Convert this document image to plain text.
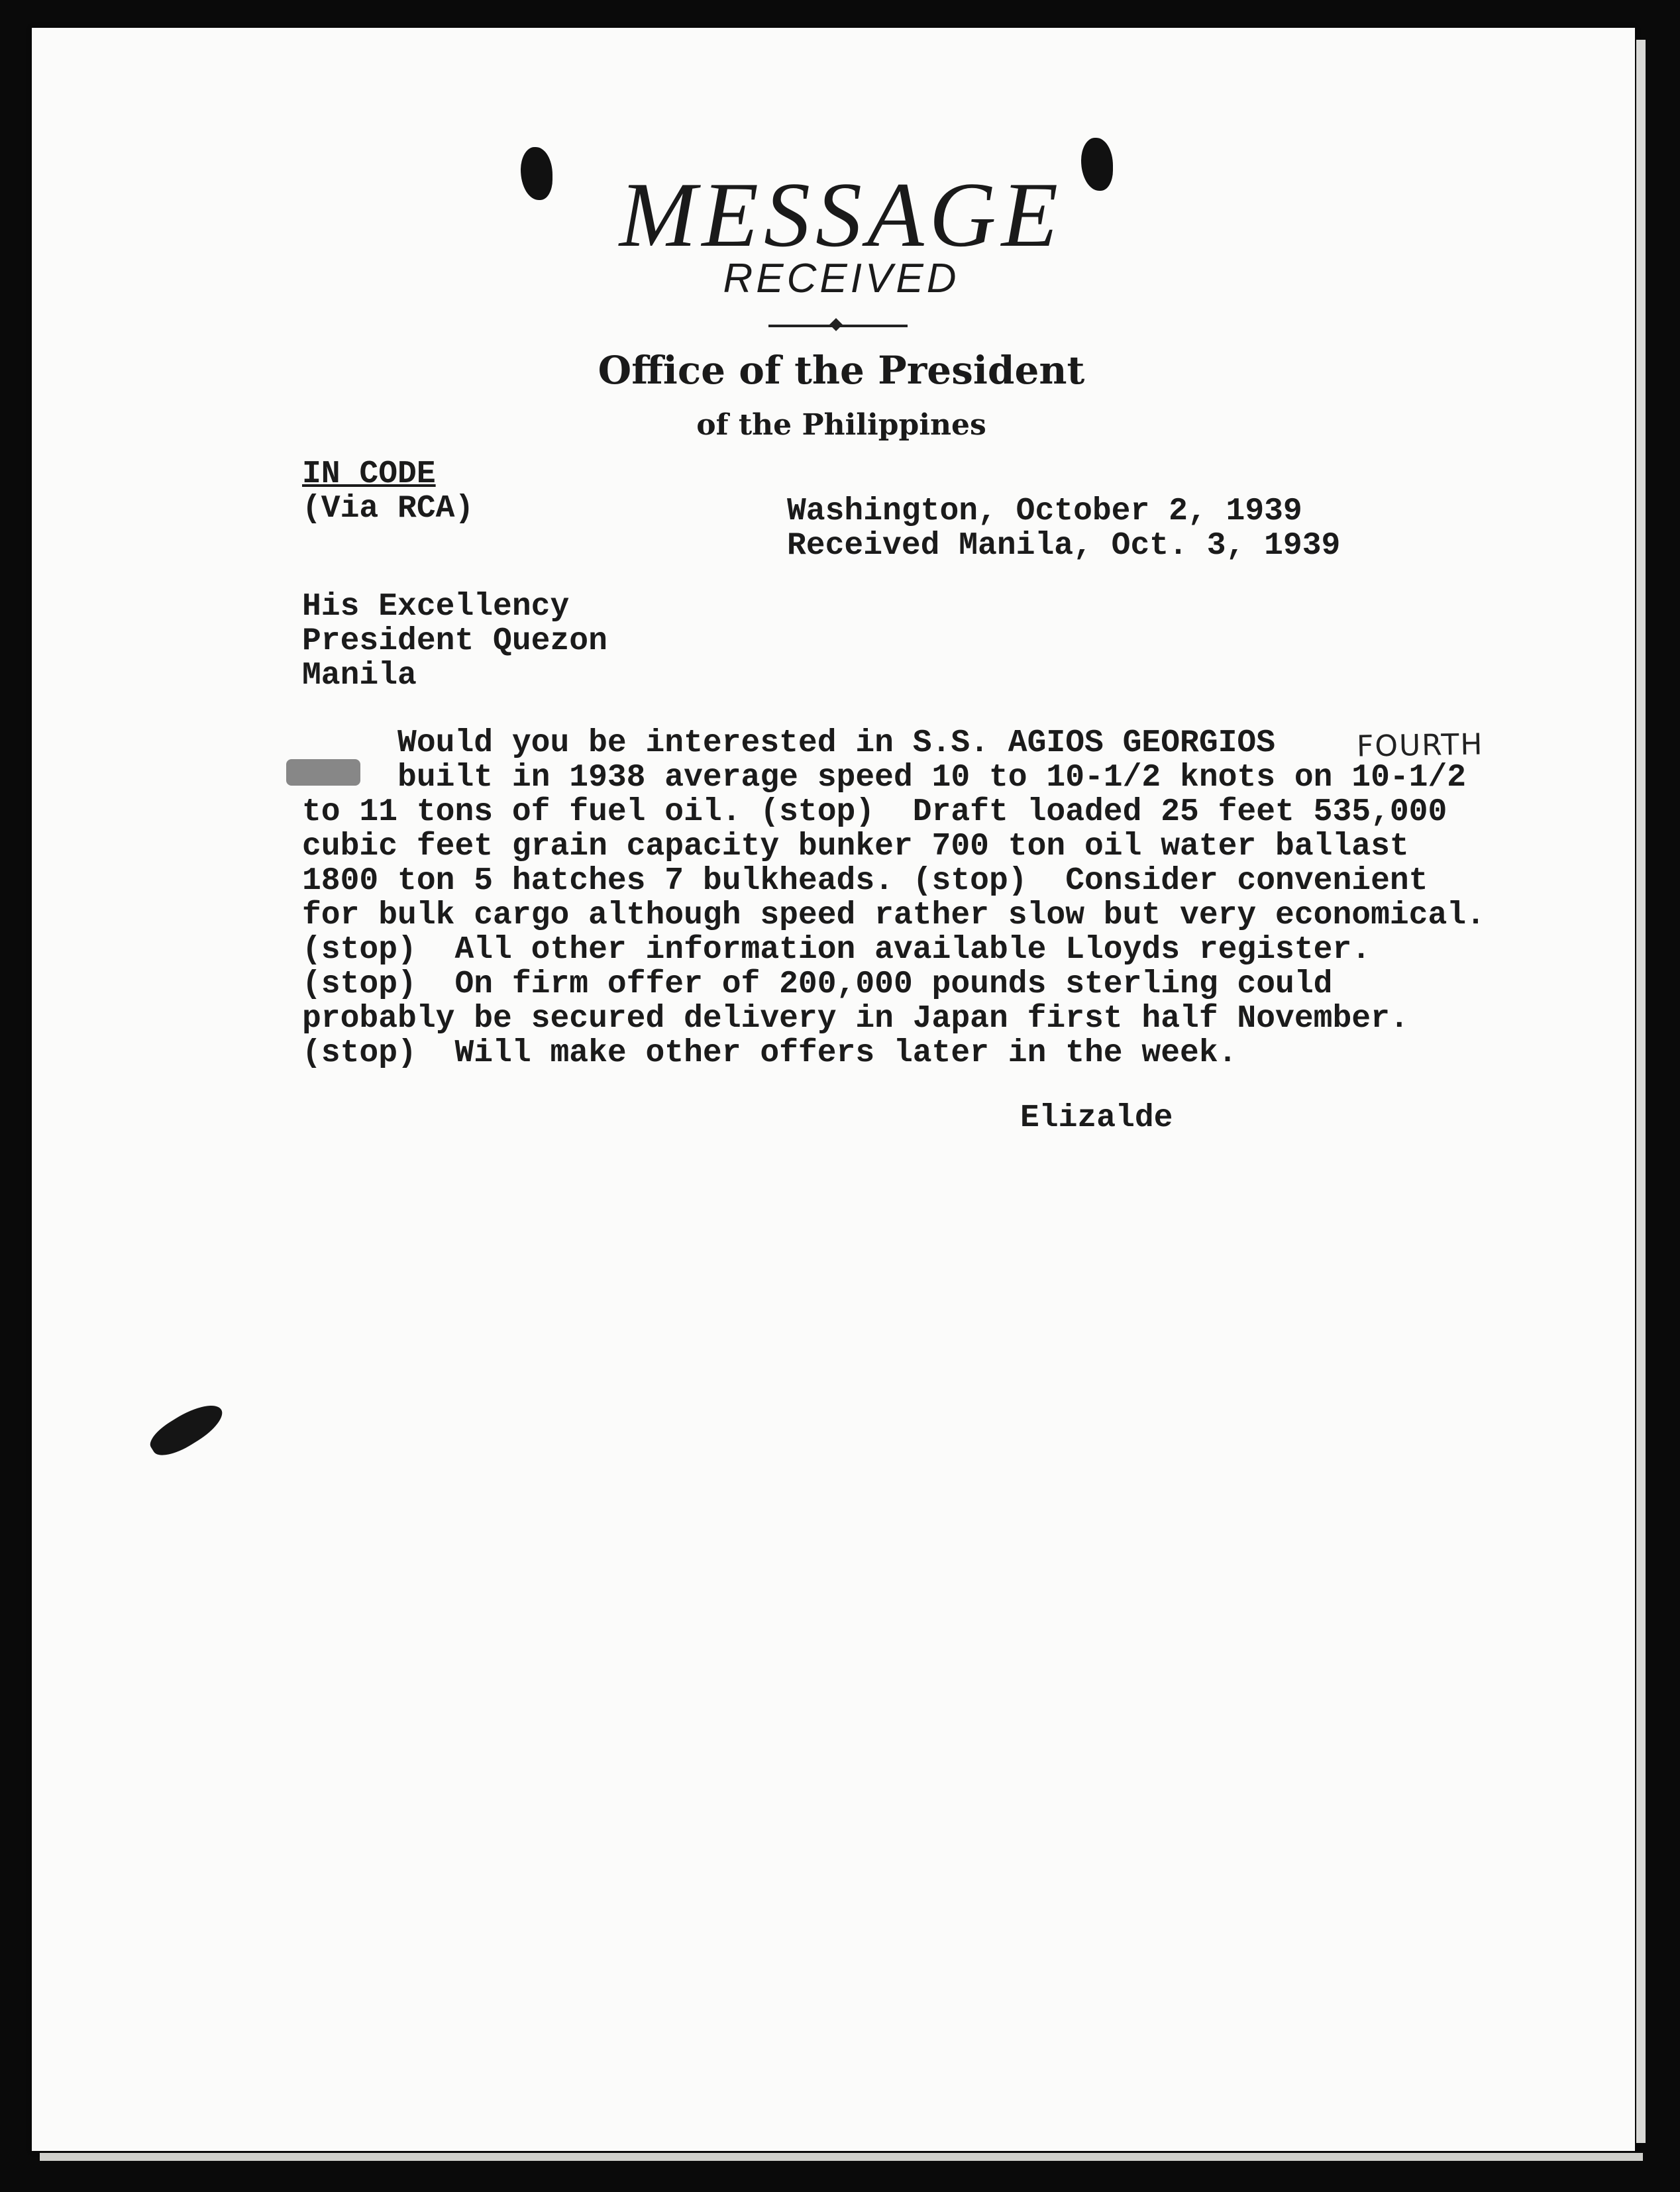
MESSAGE
RECEIVED
Office of the President
of the Philippines
IN CODE
(Via RCA)	Washington, October 2, 1939
Received Manila, Oct. 3, 1939
His Excellency
President Quezon
Manila
FOURTH
Would you be interested in S.S. AGIOS GEORGIOS
built in 1938 average speed 10 to 10-1/2 knots on 10-1/2
to 11 tons of fuel oil. (stop)  Draft loaded 25 feet 535,000
cubic feet grain capacity bunker 700 ton oil water ballast
1800 ton 5 hatches 7 bulkheads. (stop)  Consider convenient
for bulk cargo although speed rather slow but very economical.
(stop)  All other information available Lloyds register.
(stop)  On firm offer of 200,000 pounds sterling could
probably be secured delivery in Japan first half November.
(stop)  Will make other offers later in the week.
Elizalde
